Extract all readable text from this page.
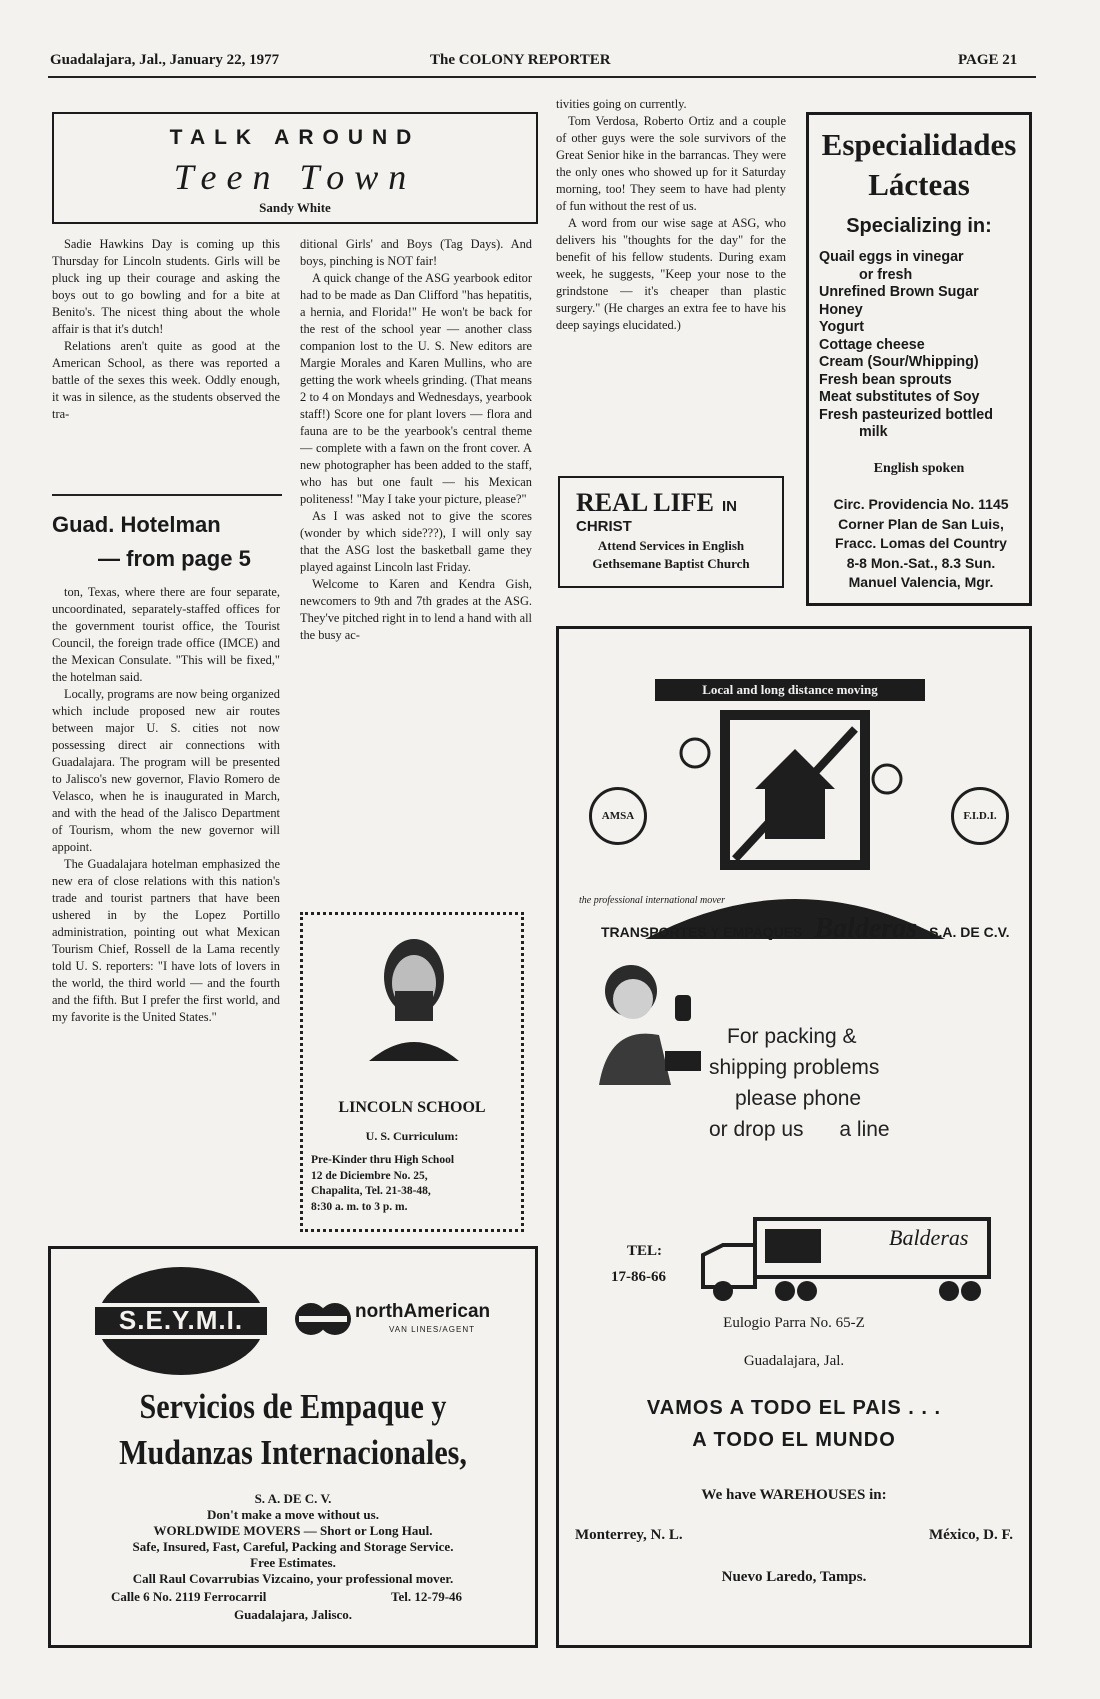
Guadalajara, Jal., January 22, 1977	The COLONY REPORTER	PAGE 21
TALK AROUND
Teen Town
Sandy White

Sadie Hawkins Day is coming up this Thursday for Lincoln students. Girls will be pluck ing up their courage and asking the boys out to go bowling and for a bite at Benito's. The nicest thing about the whole affair is that it's dutch!

Relations aren't quite as good at the American School, as there was reported a battle of the sexes this week. Oddly enough, it was in silence, as the students observed the tra-

Guad. Hotelman
— from page 5

ton, Texas, where there are four separate, uncoordinated, separately-staffed offices for the government tourist office, the Tourist Council, the foreign trade office (IMCE) and the Mexican Consulate. "This will be fixed," the hotelman said.

Locally, programs are now being organized which include proposed new air routes between major U. S. cities not now possessing direct air connections with Guadalajara. The program will be presented to Jalisco's new governor, Flavio Romero de Velasco, when he is inaugurated in March, and with the head of the Jalisco Department of Tourism, whom the new governor will appoint.

The Guadalajara hotelman emphasized the new era of close relations with this nation's trade and tourist partners that have been ushered in by the Lopez Portillo administration, pointing out what Mexican Tourism Chief, Rossell de la Lama recently told U. S. reporters: "I have lots of lovers in the world, the third world — and the fourth and the fifth. But I prefer the first world, and my favorite is the United States."

ditional Girls' and Boys (Tag Days). And boys, pinching is NOT fair!

A quick change of the ASG yearbook editor had to be made as Dan Clifford "has hepatitis, a hernia, and Florida!" He won't be back for the rest of the school year — another class companion lost to the U. S. New editors are Margie Morales and Karen Mullins, who are getting the work wheels grinding. (That means 2 to 4 on Mondays and Wednesdays, yearbook staff!) Score one for plant lovers — flora and fauna are to be the yearbook's central theme — complete with a fawn on the front cover. A new photographer has been added to the staff, who has but one fault — his Mexican politeness! "May I take your picture, please?"

As I was asked not to give the scores (wonder by which side???), I will only say that the ASG lost the basketball game they played against Lincoln last Friday.

Welcome to Karen and Kendra Gish, newcomers to 9th and 7th grades at the ASG. They've pitched right in to lend a hand with all the busy ac-

tivities going on currently.

Tom Verdosa, Roberto Ortiz and a couple of other guys were the sole survivors of the Great Senior hike in the barrancas. They were the only ones who showed up for it Saturday morning, too! They seem to have had plenty of fun without the rest of us.

A word from our wise sage at ASG, who delivers his "thoughts for the day" for the benefit of his fellow students. During exam week, he suggests, "Keep your nose to the grindstone — it's cheaper than plastic surgery." (He charges an extra fee to have his deep sayings elucidated.)

REAL LIFE IN CHRIST
Attend Services in English
Gethsemane Baptist Church
Especialidades
Lácteas
Specializing in:
Quail eggs in vinegar
or fresh
Unrefined Brown Sugar
Honey
Yogurt
Cottage cheese
Cream (Sour/Whipping)
Fresh bean sprouts
Meat substitutes of Soy
Fresh pasteurized bottled
milk
English spoken
Circ. Providencia No. 1145
Corner Plan de San Luis,
Fracc. Lomas del Country
8-8 Mon.-Sat., 8.3 Sun.
Manuel Valencia, Mgr.
LINCOLN SCHOOL
U. S. Curriculum:
Pre-Kinder thru High School
12 de Diciembre No. 25,
Chapalita, Tel. 21-38-48,
8:30 a. m. to 3 p. m.
Local and long distance moving
AMSA	F.I.D.I.
the professional international mover
TRANSPORTES Y EMPAQUES Balderas S.A. DE C.V.
For packing &
shipping problems
please phone
or drop us a line
TEL:
17-86-66
Balderas
Eulogio Parra No. 65-Z
Guadalajara, Jal.
VAMOS A TODO EL PAIS . . .
A TODO EL MUNDO
We have WAREHOUSES in:
Monterrey, N. L.	México, D. F.
Nuevo Laredo, Tamps.
S.E.Y.M.I.	northAmerican
VAN LINES/AGENT
Servicios de Empaque y
Mudanzas Internacionales,
S. A. DE C. V.
Don't make a move without us.
WORLDWIDE MOVERS — Short or Long Haul.
Safe, Insured, Fast, Careful, Packing and Storage Service.
Free Estimates.
Call Raul Covarrubias Vizcaino, your professional mover.
Calle 6 No. 2119 Ferrocarril	Tel. 12-79-46
Guadalajara, Jalisco.
